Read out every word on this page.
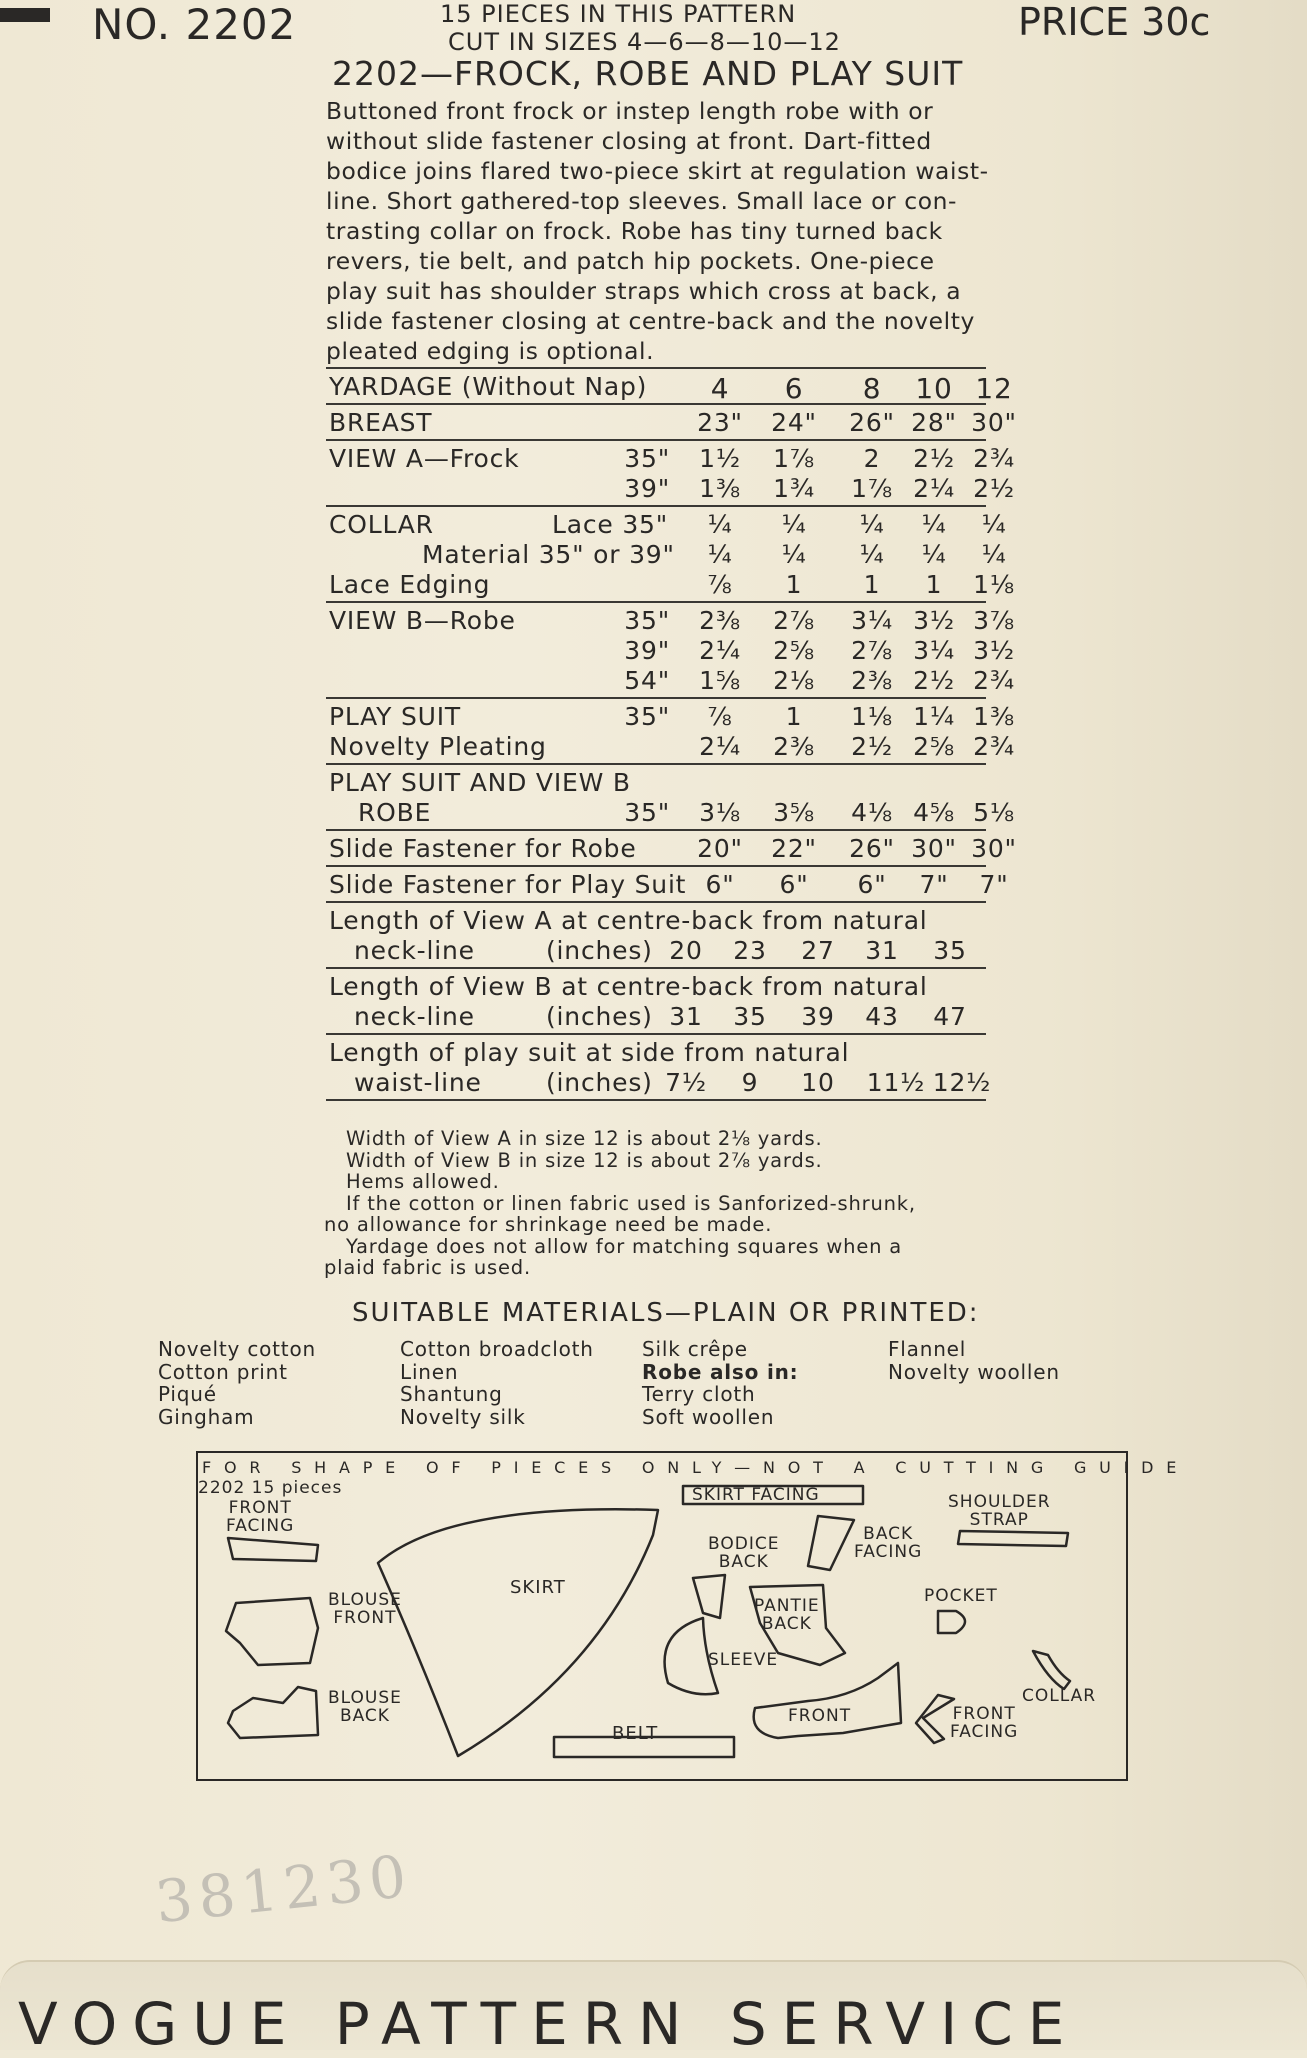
NO. 2202	15 PIECES IN THIS PATTERN
CUT IN SIZES 4—6—8—10—12	PRICE 30c
2202—FROCK, ROBE AND PLAY SUIT
Buttoned front frock or instep length robe with or
without slide fastener closing at front. Dart-fitted
bodice joins flared two-piece skirt at regulation waist-
line. Short gathered-top sleeves. Small lace or con-
trasting collar on frock. Robe has tiny turned back
revers, tie belt, and patch hip pockets. One-piece
play suit has shoulder straps which cross at back, a
slide fastener closing at centre-back and the novelty
pleated edging is optional.
YARDAGE (Without Nap)	4	6	8	10 12
BREAST	23" 24" 26" 28" 30"
VIEW A—Frock	35"	1½	1⅞	2	2½ 2¾
39"	1⅜	1¾	1⅞ 2¼ 2½
COLLAR	Lace 35"	¼	¼	¼	¼	¼
Material 35" or 39"	¼	¼	¼	¼	¼
Lace Edging	⅞	1	1	1	1⅛
VIEW B—Robe	35"	2⅜	2⅞	3¼ 3½ 3⅞
39"	2¼	2⅝	2⅞ 3¼ 3½
54"	1⅝	2⅛	2⅜ 2½ 2¾
PLAY SUIT	35"	⅞	1	1⅛ 1¼ 1⅜
Novelty Pleating	2¼	2⅜	2½ 2⅝ 2¾
PLAY SUIT AND VIEW B
ROBE	35"	3⅛	3⅝	4⅛ 4⅝ 5⅛
Slide Fastener for Robe 20" 22" 26" 30" 30"
Slide Fastener for Play Suit 6"	6"	6"	7"	7"
Length of View A at centre-back from natural
neck-line	(inches) 20	23	27	31	35
Length of View B at centre-back from natural
neck-line	(inches) 31	35	39	43	47
Length of play suit at side from natural
waist-line	(inches) 7½	9	10	11½ 12½
Width of View A in size 12 is about 2⅛ yards.
Width of View B in size 12 is about 2⅞ yards.
Hems allowed.
If the cotton or linen fabric used is Sanforized-shrunk,
no allowance for shrinkage need be made.
Yardage does not allow for matching squares when a
plaid fabric is used.
SUITABLE MATERIALS—PLAIN OR PRINTED:
Novelty cotton
Cotton print
Piqué
Gingham
Cotton broadcloth
Linen
Shantung
Novelty silk
Silk crêpe
Robe also in:
Terry cloth
Soft woollen
Flannel
Novelty woollen
FOR SHAPE OF PIECES ONLY—NOT A CUTTING GUIDE
2202 15 pieces
FRONT
FACING
BLOUSE
FRONT
BLOUSE
BACK
SKIRT
BELT
SKIRT FACING
BODICE
BACK
BACK
FACING
SHOULDER
STRAP
PANTIE
BACK
POCKET
SLEEVE
FRONT	FRONT
FACING
COLLAR
381230
VOGUE PATTERN SERVICE
